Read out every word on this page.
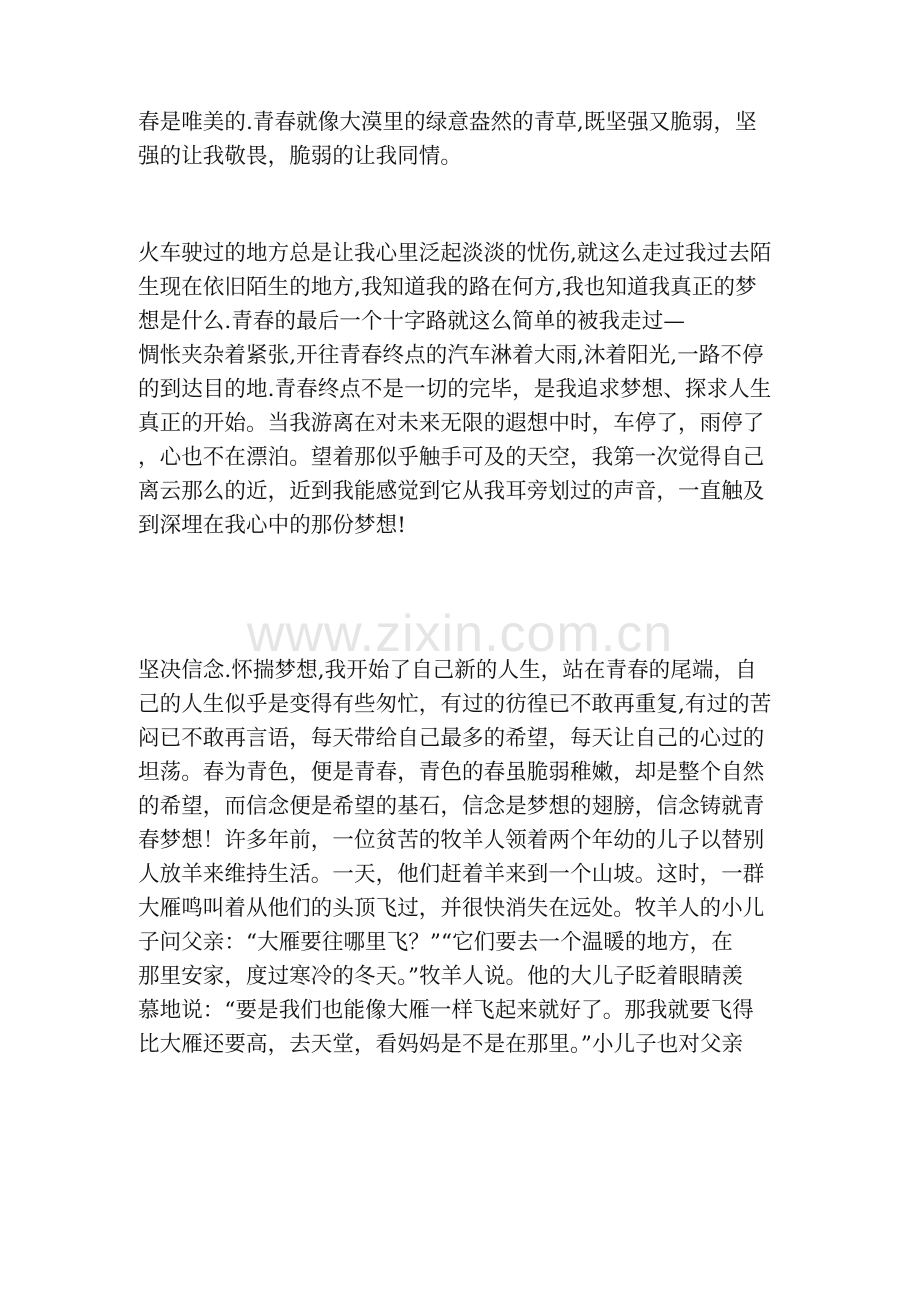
春是唯美的.青春就像大漠里的绿意盎然的青草,既坚强又脆弱，坚
强的让我敬畏，脆弱的让我同情。
火车驶过的地方总是让我心里泛起淡淡的忧伤,就这么走过我过去陌
生现在依旧陌生的地方,我知道我的路在何方,我也知道我真正的梦
想是什么.青春的最后一个十字路就这么简单的被我走过—
惆怅夹杂着紧张,开往青春终点的汽车淋着大雨,沐着阳光,一路不停
的到达目的地.青春终点不是一切的完毕，是我追求梦想、探求人生
真正的开始。当我游离在对未来无限的遐想中时，车停了，雨停了
，心也不在漂泊。望着那似乎触手可及的天空，我第一次觉得自己
离云那么的近，近到我能感觉到它从我耳旁划过的声音，一直触及
到深埋在我心中的那份梦想!
www.zixin.com.cn
坚决信念.怀揣梦想,我开始了自己新的人生，站在青春的尾端，自
己的人生似乎是变得有些匆忙，有过的彷徨已不敢再重复,有过的苦
闷已不敢再言语，每天带给自己最多的希望，每天让自己的心过的
坦荡。春为青色，便是青春，青色的春虽脆弱稚嫩，却是整个自然
的希望，而信念便是希望的基石，信念是梦想的翅膀，信念铸就青
春梦想！许多年前，一位贫苦的牧羊人领着两个年幼的儿子以替别
人放羊来维持生活。一天，他们赶着羊来到一个山坡。这时，一群
大雁鸣叫着从他们的头顶飞过，并很快消失在远处。牧羊人的小儿
子问父亲：“大雁要往哪里飞？”“它们要去一个温暖的地方，在
那里安家，度过寒冷的冬天。”牧羊人说。他的大儿子眨着眼睛羡
慕地说：“要是我们也能像大雁一样飞起来就好了。那我就要飞得
比大雁还要高，去天堂，看妈妈是不是在那里。”小儿子也对父亲
